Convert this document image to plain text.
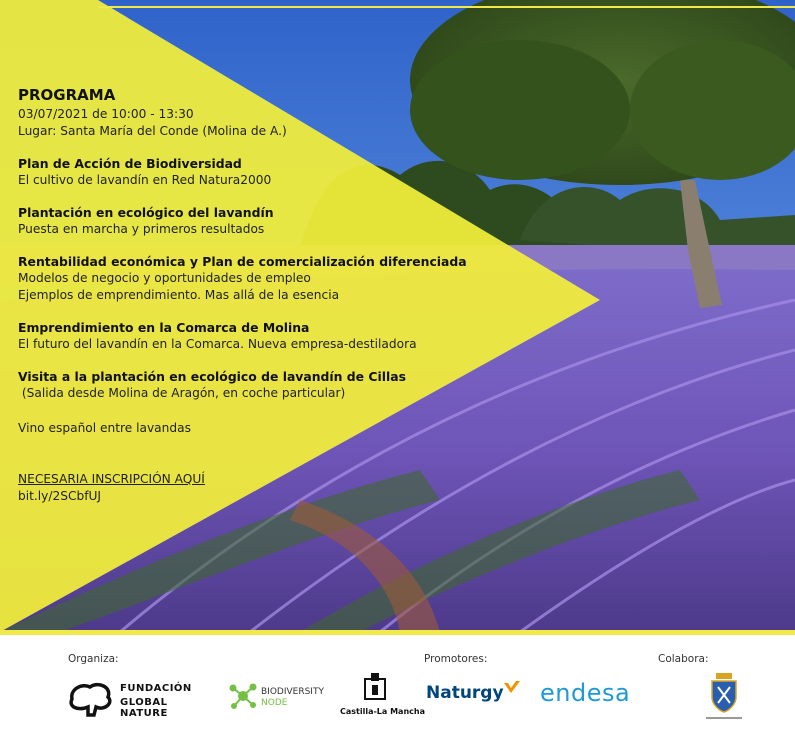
PROGRAMA

03/07/2021 de 10:00 - 13:30

Lugar: Santa María del Conde (Molina de A.)

Plan de Acción de Biodiversidad

El cultivo de lavandín en Red Natura2000

Plantación en ecológico del lavandín

Puesta en marcha y primeros resultados

Rentabilidad económica y Plan de comercialización diferenciada

Modelos de negocio y oportunidades de empleo

Ejemplos de emprendimiento. Mas allá de la esencia

Emprendimiento en la Comarca de Molina

El futuro del lavandín en la Comarca. Nueva empresa-destiladora

Visita a la plantación en ecológico de lavandín de Cillas

(Salida desde Molina de Aragón, en coche particular)

Vino español entre lavandas

NECESARIA INSCRIPCIÓN AQUÍ

bit.ly/2SCbfUJ

Organiza:	Promotores:	Colabora:
FUNDACIÓN
GLOBAL NATURE
BIODIVERSITY
NODE
Castilla-La Mancha
Naturgy endesa
